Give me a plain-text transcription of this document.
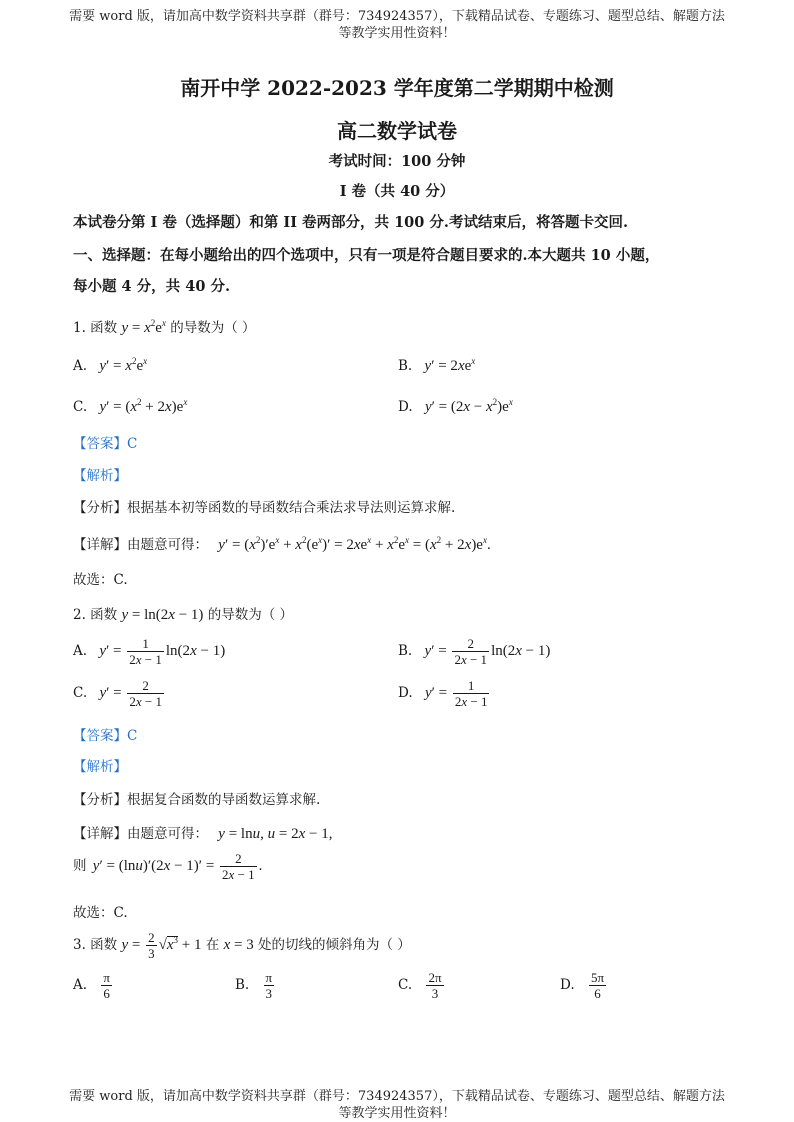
需要 word 版，请加高中数学资料共享群（群号：734924357），下载精品试卷、专题练习、题型总结、解题方法
等教学实用性资料！
南开中学 2022-2023 学年度第二学期期中检测
高二数学试卷
考试时间：100 分钟
I 卷（共 40 分）
本试卷分第 I 卷（选择题）和第 II 卷两部分，共 100 分.考试结束后，将答题卡交回.
一、选择题：在每小题给出的四个选项中，只有一项是符合题目要求的.本大题共 10 小题，
每小题 4 分，共 40 分.
1. 函数 $y = x^2e^x$ 的导数为（ ）
A. $y' = x^2e^x$	B. $y' = 2xe^x$
C. $y' = (x^2 + 2x)e^x$	D. $y' = (2x - x^2)e^x$
【答案】C
【解析】
【分析】根据基本初等函数的导函数结合乘法求导法则运算求解.
【详解】由题意可得： $y' = (x^2)'e^x + x^2(e^x)' = 2xe^x + x^2e^x = (x^2 + 2x)e^x$.
故选：C.
2. 函数 y = ln(2x − 1) 的导数为（ ）
A. $y' = \frac{1}{2x - 1} \ln(2x - 1)$	B. $y' = \frac{2}{2x - 1} \ln(2x - 1)$
C. $y' = \frac{2}{2x - 1}$	D. $y' = \frac{1}{2x - 1}$
【答案】C
【解析】
【分析】根据复合函数的导函数运算求解.
【详解】由题意可得： y = lnu, u = 2x − 1,
则 $y' = (\ln u)'(2x - 1)' = \frac{2}{2x - 1}$ .
故选：C.
3. 函数 $y = \frac{2}{3} √x^3 + 1$ 在 x = 3 处的切线的倾斜角为（ ）
A. $\frac{\pi}{6}$	B. $\frac{\pi}{3}$	C. $\frac{2\pi}{3}$	D. $\frac{5\pi}{6}$
需要 word 版，请加高中数学资料共享群（群号：734924357），下载精品试卷、专题练习、题型总结、解题方法
等教学实用性资料！
